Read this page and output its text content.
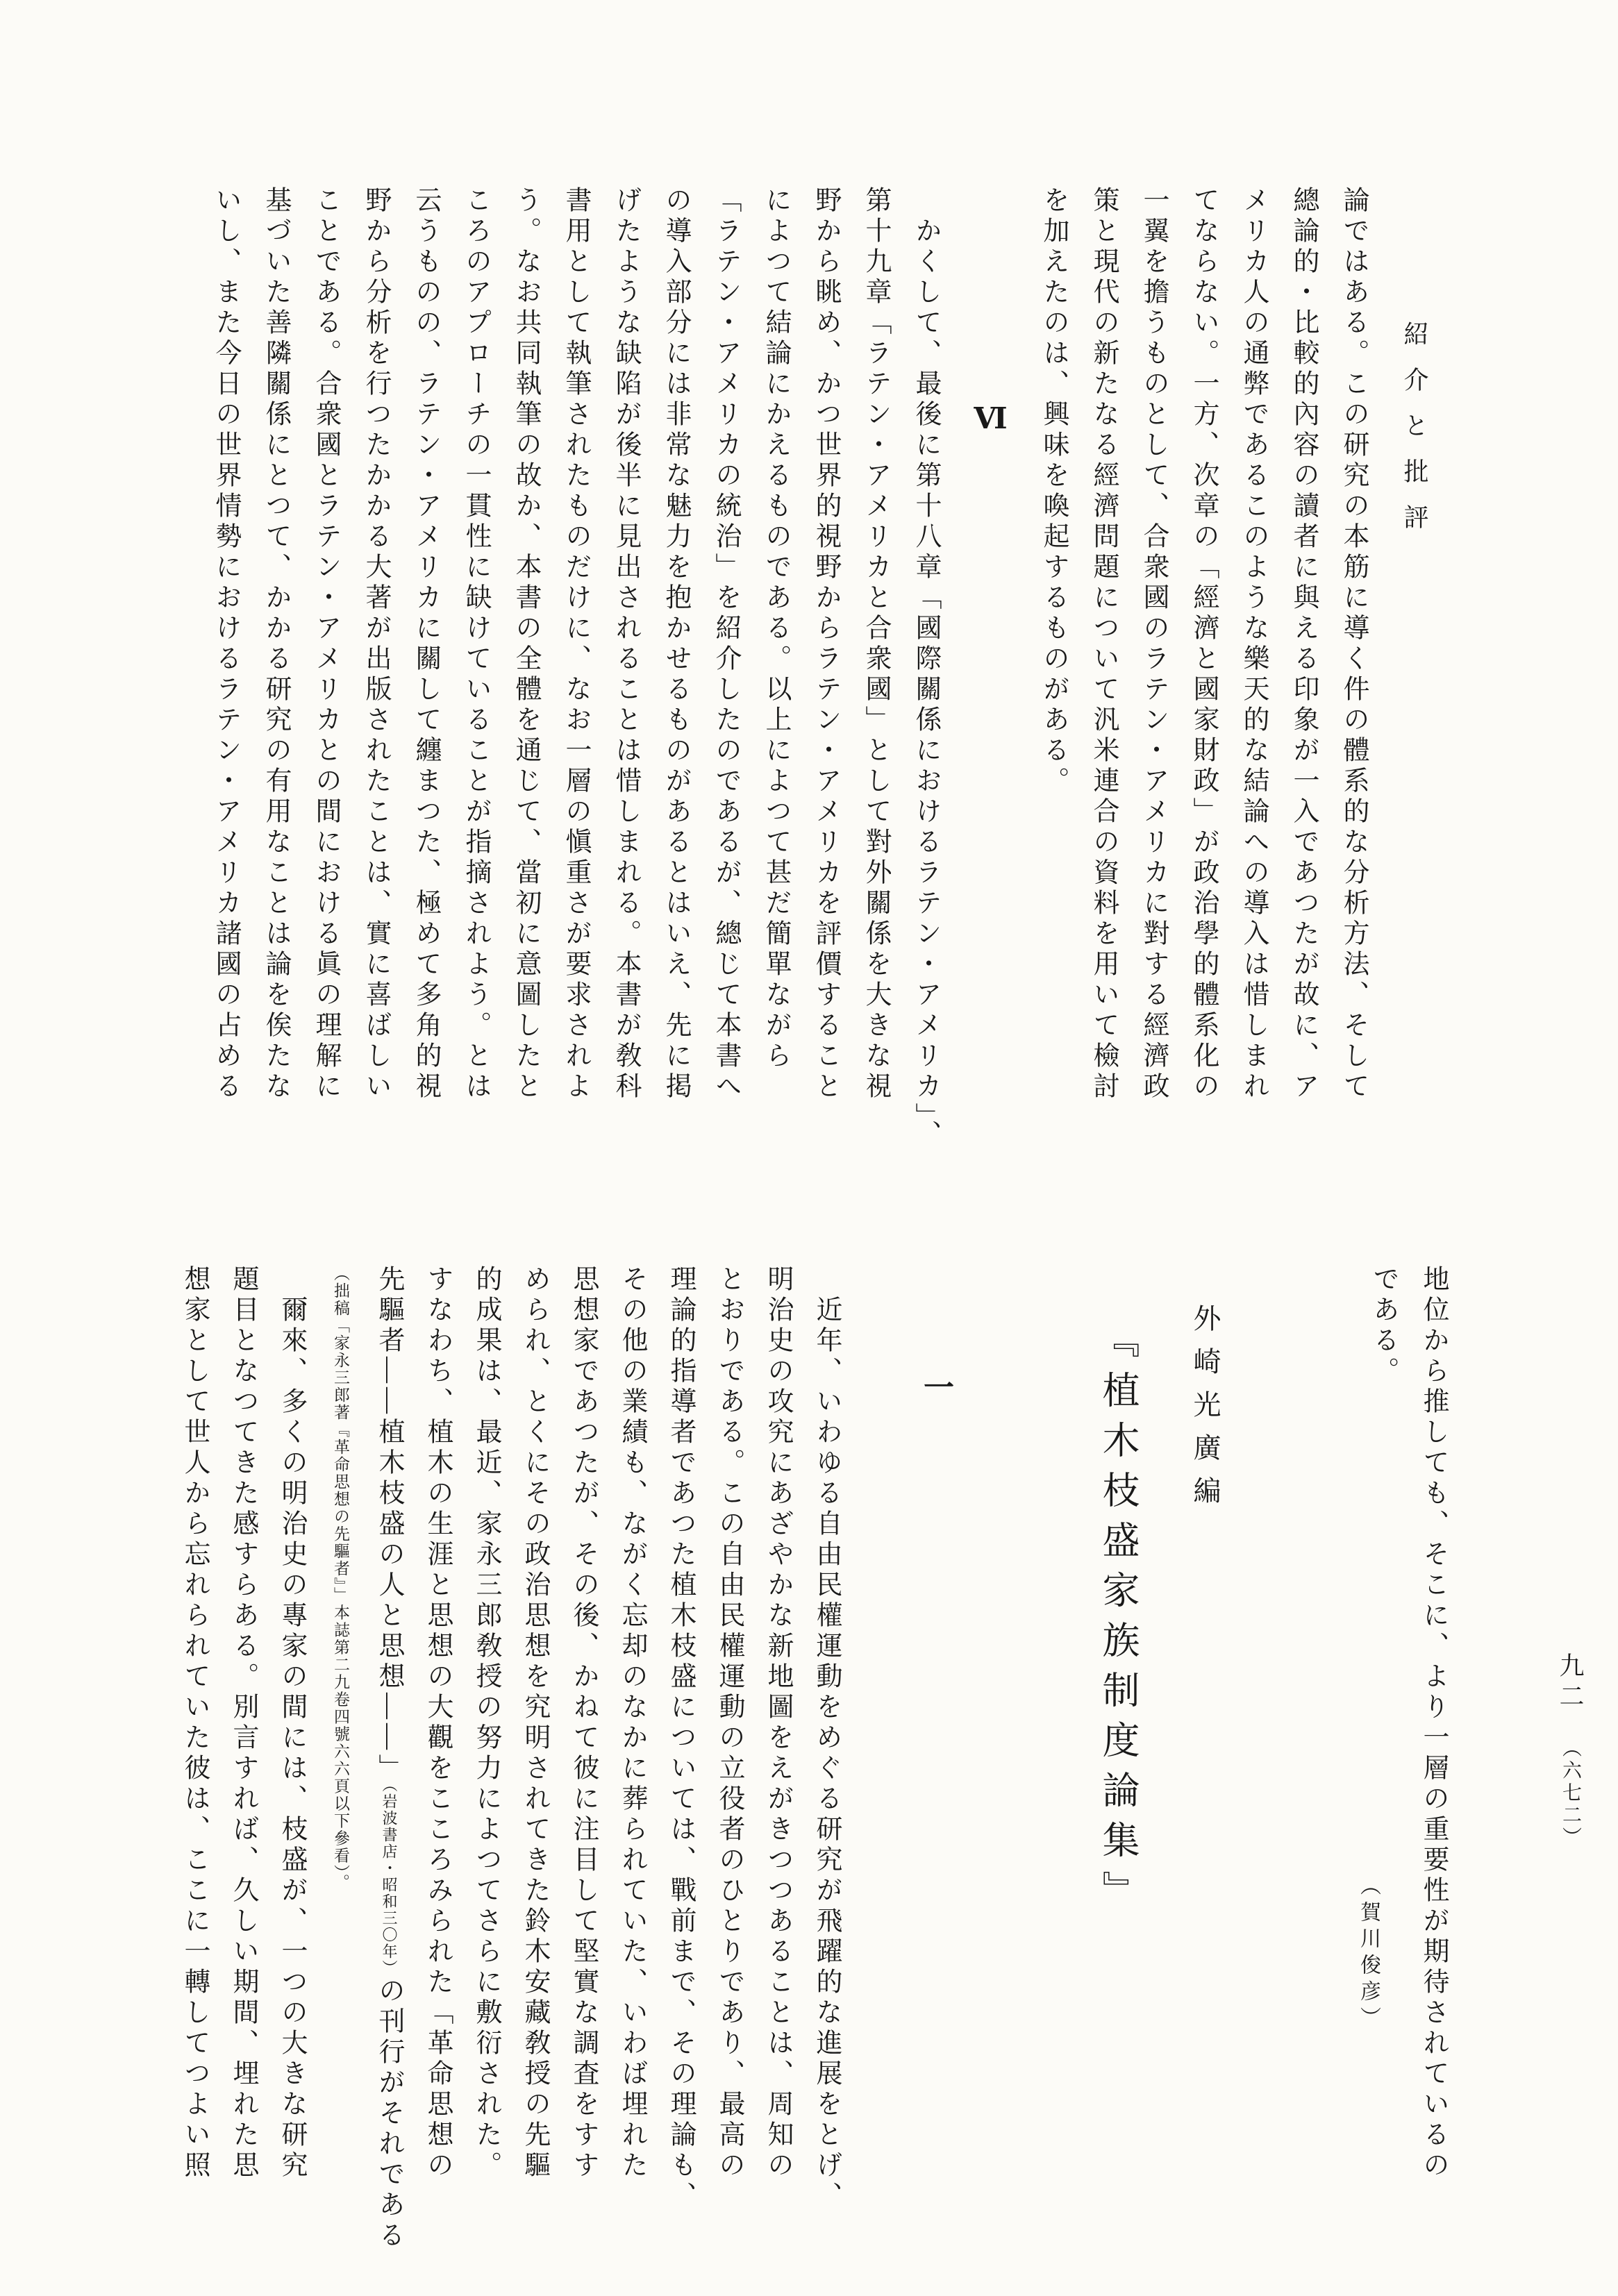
紹介と批評

論ではある。この研究の本筋に導く件の體系的な分析方法、そして

總論的・比較的內容の讀者に與える印象が一入であつたが故に、ア

メリカ人の通弊であるこのような樂天的な結論への導入は惜しまれ

てならない。一方、次章の「經濟と國家財政」が政治學的體系化の

一翼を擔うものとして、合衆國のラテン・アメリカに對する經濟政

策と現代の新たなる經濟問題について汎米連合の資料を用いて檢討

を加えたのは、興味を喚起するものがある。

Ⅵ

　かくして、最後に第十八章「國際關係におけるラテン・アメリカ」、

第十九章「ラテン・アメリカと合衆國」として對外關係を大きな視

野から眺め、かつ世界的視野からラテン・アメリカを評價すること

によつて結論にかえるものである。以上によつて甚だ簡單ながら

「ラテン・アメリカの統治」を紹介したのであるが、總じて本書へ

の導入部分には非常な魅力を抱かせるものがあるとはいえ、先に掲

げたような缺陷が後半に見出されることは惜しまれる。本書が敎科

書用として執筆されたものだけに、なお一層の愼重さが要求されよ

う。なお共同執筆の故か、本書の全體を通じて、當初に意圖したと

ころのアプローチの一貫性に缺けていることが指摘されよう。とは

云うものの、ラテン・アメリカに關して纏まつた、極めて多角的視

野から分析を行つたかかる大著が出版されたことは、實に喜ばしい

ことである。合衆國とラテン・アメリカとの間における眞の理解に

基づいた善隣關係にとつて、かかる研究の有用なことは論を俟たな

いし、また今日の世界情勢におけるラテン・アメリカ諸國の占める

九二 （六七二）

地位から推しても、そこに、より一層の重要性が期待されているの

である。

（賀川俊彦）

外崎光廣編

『植木枝盛家族制度論集』

一

　近年、いわゆる自由民權運動をめぐる研究が飛躍的な進展をとげ、

明治史の攻究にあざやかな新地圖をえがきつつあることは、周知の

とおりである。この自由民權運動の立役者のひとりであり、最高の

理論的指導者であつた植木枝盛については、戰前まで、その理論も、

その他の業績も、ながく忘却のなかに葬られていた、いわば埋れた

思想家であつたが、その後、かねて彼に注目して堅實な調査をすす

められ、とくにその政治思想を究明されてきた鈴木安藏敎授の先驅

的成果は、最近、家永三郎敎授の努力によつてさらに敷衍された。

すなわち、植木の生涯と思想の大觀をこころみられた「革命思想の

先驅者――植木枝盛の人と思想――」（岩波書店・昭和三〇年）の刊行がそれである

（拙稿「家永三郎著『革命思想の先驅者』」本誌第二九卷四號六六頁以下參看）。

　爾來、多くの明治史の專家の間には、枝盛が、一つの大きな研究

題目となつてきた感すらある。別言すれば、久しい期間、埋れた思

想家として世人から忘れられていた彼は、ここに一轉してつよい照
